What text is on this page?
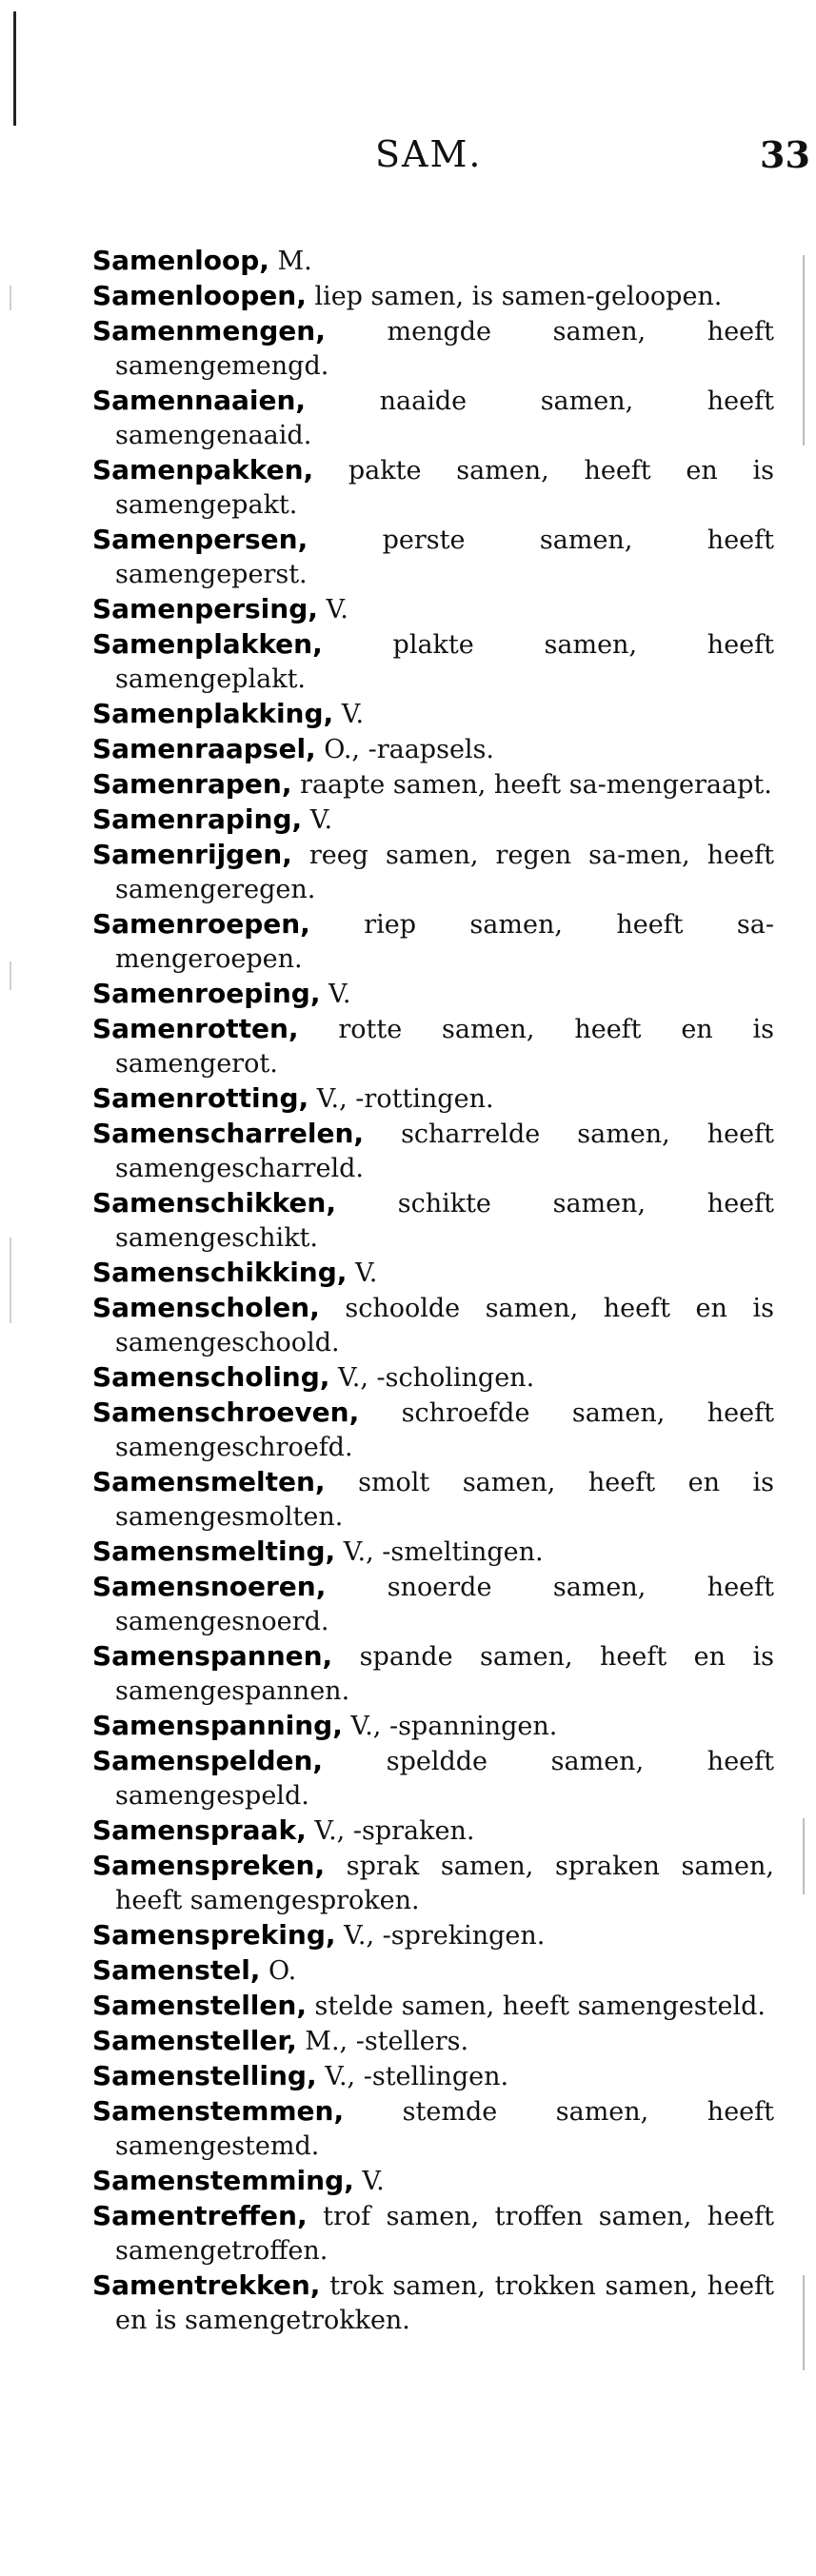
SAM.	33

Samenloop, M.

Samenloopen, liep samen, is samen-geloopen.

Samenmengen, mengde samen, heeft samengemengd.

Samennaaien, naaide samen, heeft samengenaaid.

Samenpakken, pakte samen, heeft en is samengepakt.

Samenpersen, perste samen, heeft samengeperst.

Samenpersing, V.

Samenplakken, plakte samen, heeft samengeplakt.

Samenplakking, V.

Samenraapsel, O., -raapsels.

Samenrapen, raapte samen, heeft sa-mengeraapt.

Samenraping, V.

Samenrijgen, reeg samen, regen sa-men, heeft samengeregen.

Samenroepen, riep samen, heeft sa-mengeroepen.

Samenroeping, V.

Samenrotten, rotte samen, heeft en is samengerot.

Samenrotting, V., -rottingen.

Samenscharrelen, scharrelde samen, heeft samengescharreld.

Samenschikken, schikte samen, heeft samengeschikt.

Samenschikking, V.

Samenscholen, schoolde samen, heeft en is samengeschoold.

Samenscholing, V., -scholingen.

Samenschroeven, schroefde samen, heeft samengeschroefd.

Samensmelten, smolt samen, heeft en is samengesmolten.

Samensmelting, V., -smeltingen.

Samensnoeren, snoerde samen, heeft samengesnoerd.

Samenspannen, spande samen, heeft en is samengespannen.

Samenspanning, V., -spanningen.

Samenspelden, speldde samen, heeft samengespeld.

Samenspraak, V., -spraken.

Samenspreken, sprak samen, spraken samen, heeft samengesproken.

Samenspreking, V., -sprekingen.

Samenstel, O.

Samenstellen, stelde samen, heeft samengesteld.

Samensteller, M., -stellers.

Samenstelling, V., -stellingen.

Samenstemmen, stemde samen, heeft samengestemd.

Samenstemming, V.

Samentreffen, trof samen, troffen samen, heeft samengetroffen.

Samentrekken, trok samen, trokken samen, heeft en is samengetrokken.
